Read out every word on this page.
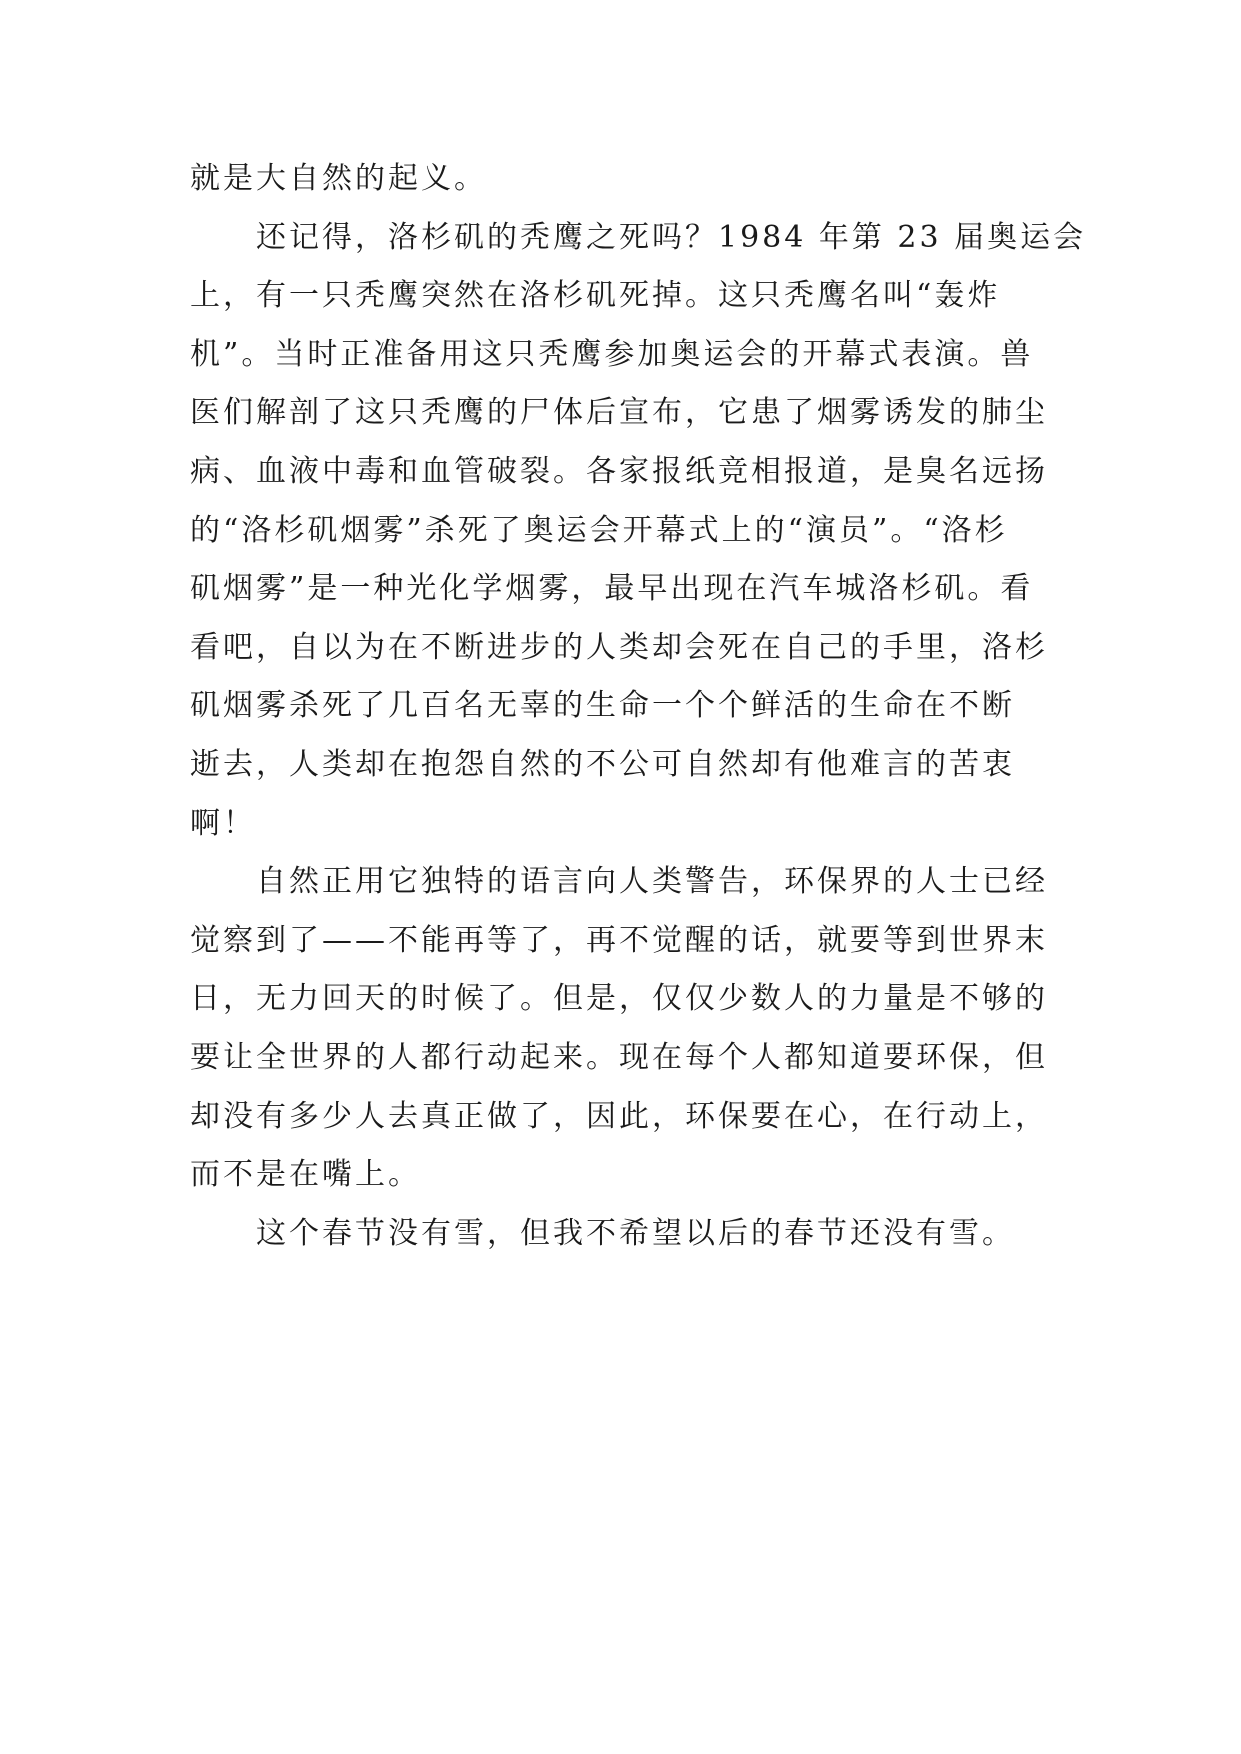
就是大自然的起义。
还记得，洛杉矶的秃鹰之死吗？1984 年第 23 届奥运会
上，有一只秃鹰突然在洛杉矶死掉。这只秃鹰名叫“轰炸
机”。当时正准备用这只秃鹰参加奥运会的开幕式表演。兽
医们解剖了这只秃鹰的尸体后宣布，它患了烟雾诱发的肺尘
病、血液中毒和血管破裂。各家报纸竞相报道，是臭名远扬
的“洛杉矶烟雾”杀死了奥运会开幕式上的“演员”。“洛杉
矶烟雾”是一种光化学烟雾，最早出现在汽车城洛杉矶。看
看吧，自以为在不断进步的人类却会死在自己的手里，洛杉
矶烟雾杀死了几百名无辜的生命一个个鲜活的生命在不断
逝去，人类却在抱怨自然的不公可自然却有他难言的苦衷
啊！
自然正用它独特的语言向人类警告，环保界的人士已经
觉察到了——不能再等了，再不觉醒的话，就要等到世界末
日，无力回天的时候了。但是，仅仅少数人的力量是不够的
要让全世界的人都行动起来。现在每个人都知道要环保，但
却没有多少人去真正做了，因此，环保要在心，在行动上，
而不是在嘴上。
这个春节没有雪，但我不希望以后的春节还没有雪。
